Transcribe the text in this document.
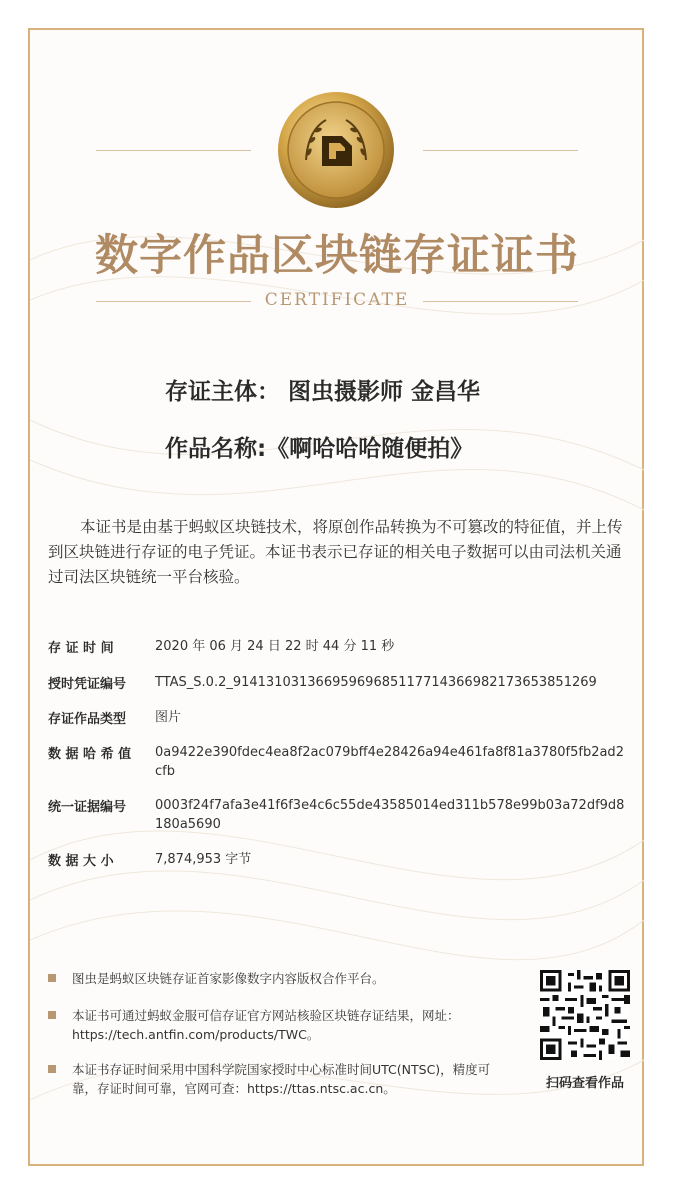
数字作品区块链存证证书
CERTIFICATE
存证主体： 图虫摄影师 金昌华
作品名称:《啊哈哈哈随便拍》
本证书是由基于蚂蚁区块链技术，将原创作品转换为不可篡改的特征值，并上传到区块链进行存证的电子凭证。本证书表示已存证的相关电子数据可以由司法机关通过司法区块链统一平台核验。
存 证 时 间	2020 年 06 月 24 日 22 时 44 分 11 秒
授时凭证编号	TTAS_S.0.2_914131031366959696851177143669821736538512​69
存证作品类型	图片
数 据 哈 希 值	0a9422e390fdec4ea8f2ac079bff4e28426a94e461fa8f81a3780f5fb2ad2cfb
统一证据编号	0003f24f7afa3e41f6f3e4c6c55de43585014ed311b578e99b03a72df9d8180a5690
数 据 大 小	7,874,953 字节
图虫是蚂蚁区块链存证首家影像数字内容版权合作平台。
本证书可通过蚂蚁金服可信存证官方网站核验区块链存证结果，网址：https://tech.antfin.com/products/TWC。
本证书存证时间采用中国科学院国家授时中心标准时间UTC(NTSC)，精度可靠，存证时间可靠，官网可查：https://ttas.ntsc.ac.cn。	扫码查看作品
